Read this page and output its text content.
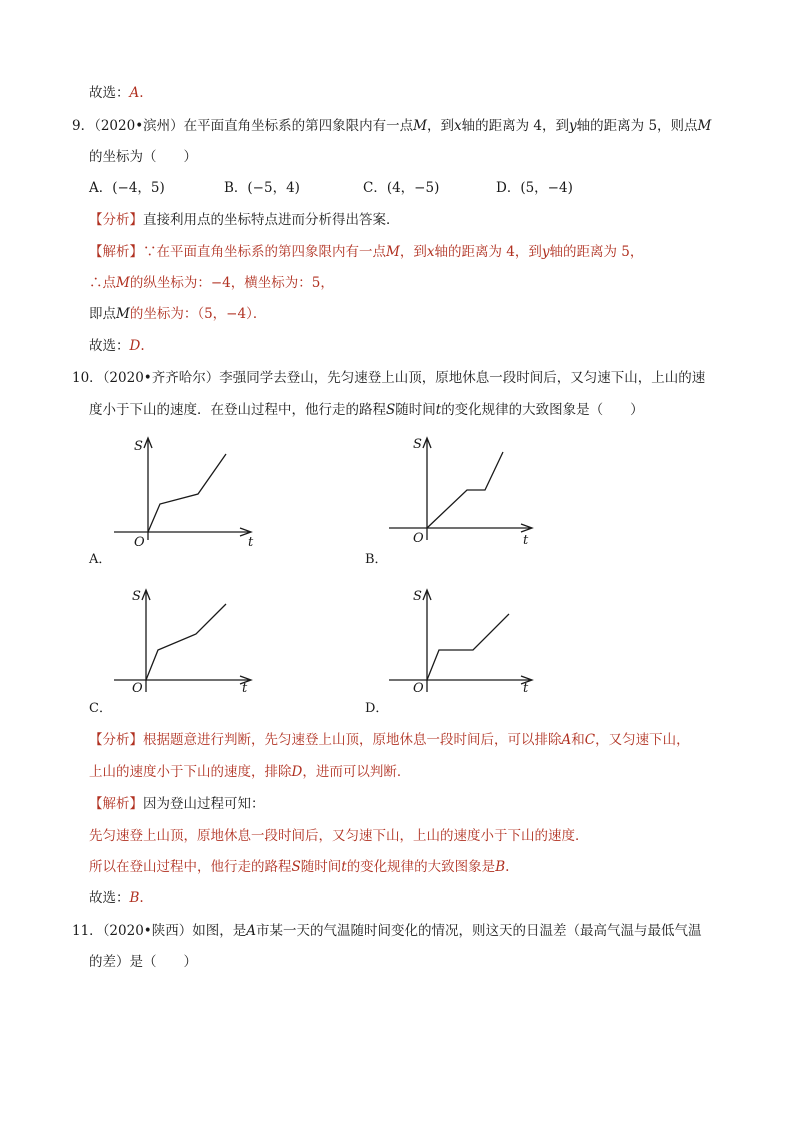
故选：A.
9．（2020•滨州）在平面直角坐标系的第四象限内有一点M，到x轴的距离为 4，到y轴的距离为 5，则点M
的坐标为（　　）
A．(−4，5)	B．(−5，4)	C．(4，−5)	D．(5，−4)
【分析】直接利用点的坐标特点进而分析得出答案．
【解析】∵在平面直角坐标系的第四象限内有一点M，到x轴的距离为 4，到y轴的距离为 5，
∴点M的纵坐标为：−4，横坐标为：5，
即点M的坐标为：（5，−4）．
故选：D.
10．（2020•齐齐哈尔）李强同学去登山，先匀速登上山顶，原地休息一段时间后，又匀速下山，上山的速
度小于下山的速度．在登山过程中，他行走的路程S随时间t的变化规律的大致图象是（　　）
S
O	t
A．
S
O	t
B．
S
O	t
C．
S
O	t
D．
【分析】根据题意进行判断，先匀速登上山顶，原地休息一段时间后，可以排除A和C，又匀速下山，
上山的速度小于下山的速度，排除D，进而可以判断．
【解析】因为登山过程可知：
先匀速登上山顶，原地休息一段时间后，又匀速下山，上山的速度小于下山的速度．
所以在登山过程中，他行走的路程S随时间t的变化规律的大致图象是B.
故选：B.
11．（2020•陕西）如图，是A市某一天的气温随时间变化的情况，则这天的日温差（最高气温与最低气温
的差）是（　　）
